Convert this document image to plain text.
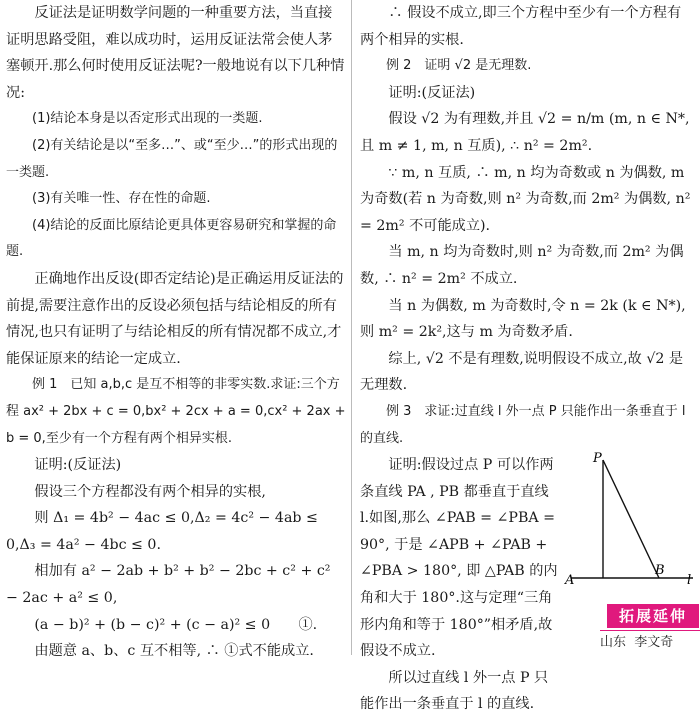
反证法是证明数学问题的一种重要方法，当直接证明思路受阻，难以成功时，运用反证法常会使人茅塞顿开.那么何时使用反证法呢?一般地说有以下几种情况:

(1)结论本身是以否定形式出现的一类题.

(2)有关结论是以“至多…”、或“至少…”的形式出现的一类题.

(3)有关唯一性、存在性的命题.

(4)结论的反面比原结论更具体更容易研究和掌握的命题.

正确地作出反设(即否定结论)是正确运用反证法的前提,需要注意作出的反设必须包括与结论相反的所有情况,也只有证明了与结论相反的所有情况都不成立,才能保证原来的结论一定成立.

例 1　已知 a,b,c 是互不相等的非零实数.求证:三个方程 ax² + 2bx + c = 0,bx² + 2cx + a = 0,cx² + 2ax + b = 0,至少有一个方程有两个相异实根.

证明:(反证法)

假设三个方程都没有两个相异的实根,

则 Δ₁ = 4b² − 4ac ≤ 0,Δ₂ = 4c² − 4ab ≤ 0,Δ₃ = 4a² − 4bc ≤ 0.

相加有 a² − 2ab + b² + b² − 2bc + c² + c² − 2ac + a² ≤ 0,

(a − b)² + (b − c)² + (c − a)² ≤ 0　　①.

由题意 a、b、c 互不相等, ∴ ①式不能成立.

∴ 假设不成立,即三个方程中至少有一个方程有两个相异的实根.

例 2　证明 √2 是无理数.

证明:(反证法)

假设 √2 为有理数,并且 √2 = n/m (m, n ∈ N*, 且 m ≠ 1, m, n 互质), ∴ n² = 2m².

∵ m, n 互质, ∴ m, n 均为奇数或 n 为偶数, m 为奇数(若 n 为奇数,则 n² 为奇数,而 2m² 为偶数, n² = 2m² 不可能成立).

当 m, n 均为奇数时,则 n² 为奇数,而 2m² 为偶数, ∴ n² = 2m² 不成立.

当 n 为偶数, m 为奇数时,令 n = 2k (k ∈ N*),则 m² = 2k²,这与 m 为奇数矛盾.

综上, √2 不是有理数,说明假设不成立,故 √2 是无理数.

例 3　求证:过直线 l 外一点 P 只能作出一条垂直于 l 的直线.

证明:假设过点 P 可以作两条直线 PA , PB 都垂直于直线 l.如图,那么 ∠PAB = ∠PBA = 90°, 于是 ∠APB + ∠PAB + ∠PBA > 180°, 即 △PAB 的内角和大于 180°.这与定理“三角形内角和等于 180°”相矛盾,故假设不成立.

所以过直线 l 外一点 P 只能作出一条垂直于 l 的直线.

P
A
B
l
拓展延伸
山东 李文奇
